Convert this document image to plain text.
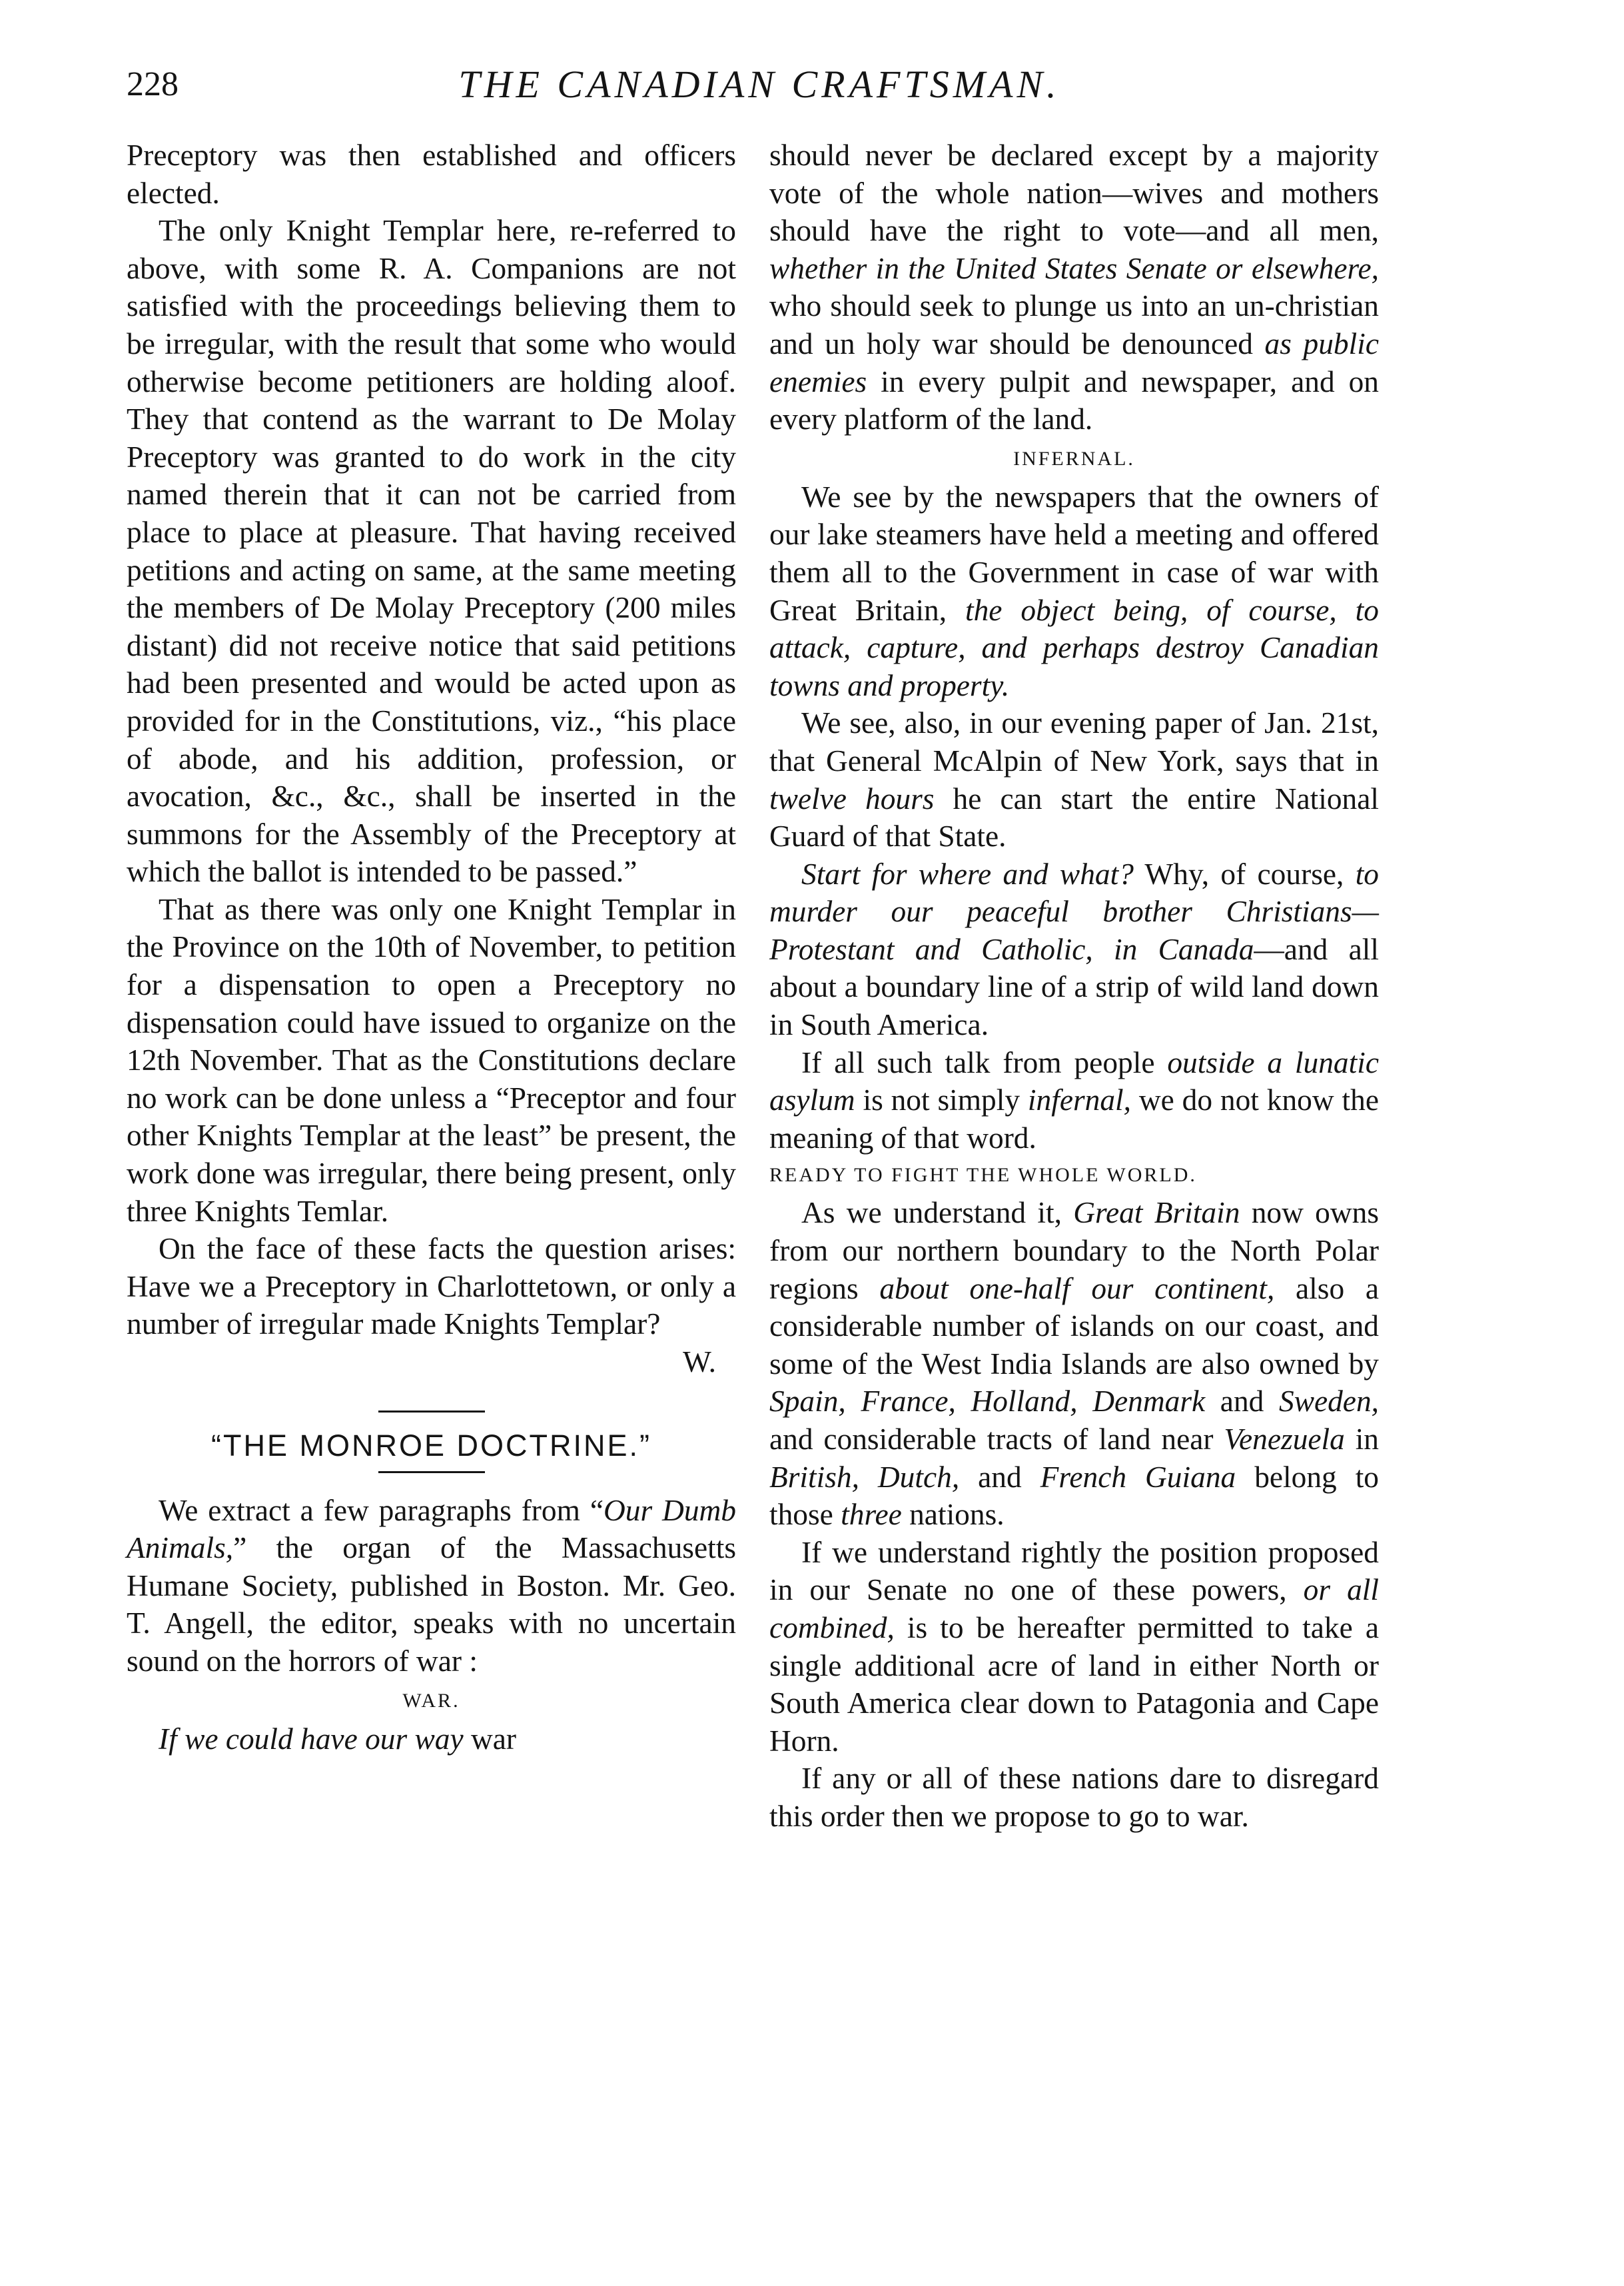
228	THE CANADIAN CRAFTSMAN.

Preceptory was then established and officers elected.

The only Knight Templar here, re-referred to above, with some R. A. Companions are not satisfied with the proceedings believing them to be irregular, with the result that some who would otherwise become petitioners are holding aloof. They that contend as the warrant to De Molay Preceptory was granted to do work in the city named therein that it can not be carried from place to place at pleasure. That having received petitions and acting on same, at the same meeting the members of De Molay Preceptory (200 miles distant) did not receive notice that said petitions had been presented and would be acted upon as provided for in the Constitutions, viz., “his place of abode, and his addition, profession, or avocation, &c., &c., shall be inserted in the summons for the Assembly of the Preceptory at which the ballot is intended to be passed.”

That as there was only one Knight Templar in the Province on the 10th of November, to petition for a dispensation to open a Preceptory no dispensation could have issued to organize on the 12th November. That as the Constitutions declare no work can be done unless a “Preceptor and four other Knights Templar at the least” be present, the work done was irregular, there being present, only three Knights Temlar.

On the face of these facts the question arises: Have we a Preceptory in Charlottetown, or only a number of irregular made Knights Templar?

W.

“THE MONROE DOCTRINE.”

We extract a few paragraphs from “Our Dumb Animals,” the organ of the Massachusetts Humane Society, published in Boston. Mr. Geo. T. Angell, the editor, speaks with no uncertain sound on the horrors of war :

WAR.

If we could have our way war

should never be declared except by a majority vote of the whole nation—wives and mothers should have the right to vote—and all men, whether in the United States Senate or elsewhere, who should seek to plunge us into an un-christian and un holy war should be denounced as public enemies in every pulpit and newspaper, and on every platform of the land.

INFERNAL.

We see by the newspapers that the owners of our lake steamers have held a meeting and offered them all to the Government in case of war with Great Britain, the object being, of course, to attack, capture, and perhaps destroy Canadian towns and property.

We see, also, in our evening paper of Jan. 21st, that General McAlpin of New York, says that in twelve hours he can start the entire National Guard of that State.

Start for where and what? Why, of course, to murder our peaceful brother Christians—Protestant and Catholic, in Canada—and all about a boundary line of a strip of wild land down in South America.

If all such talk from people outside a lunatic asylum is not simply infernal, we do not know the meaning of that word.

READY TO FIGHT THE WHOLE WORLD.

As we understand it, Great Britain now owns from our northern boundary to the North Polar regions about one-half our continent, also a considerable number of islands on our coast, and some of the West India Islands are also owned by Spain, France, Holland, Denmark and Sweden, and considerable tracts of land near Venezuela in British, Dutch, and French Guiana belong to those three nations.

If we understand rightly the position proposed in our Senate no one of these powers, or all combined, is to be hereafter permitted to take a single additional acre of land in either North or South America clear down to Patagonia and Cape Horn.

If any or all of these nations dare to disregard this order then we propose to go to war.
